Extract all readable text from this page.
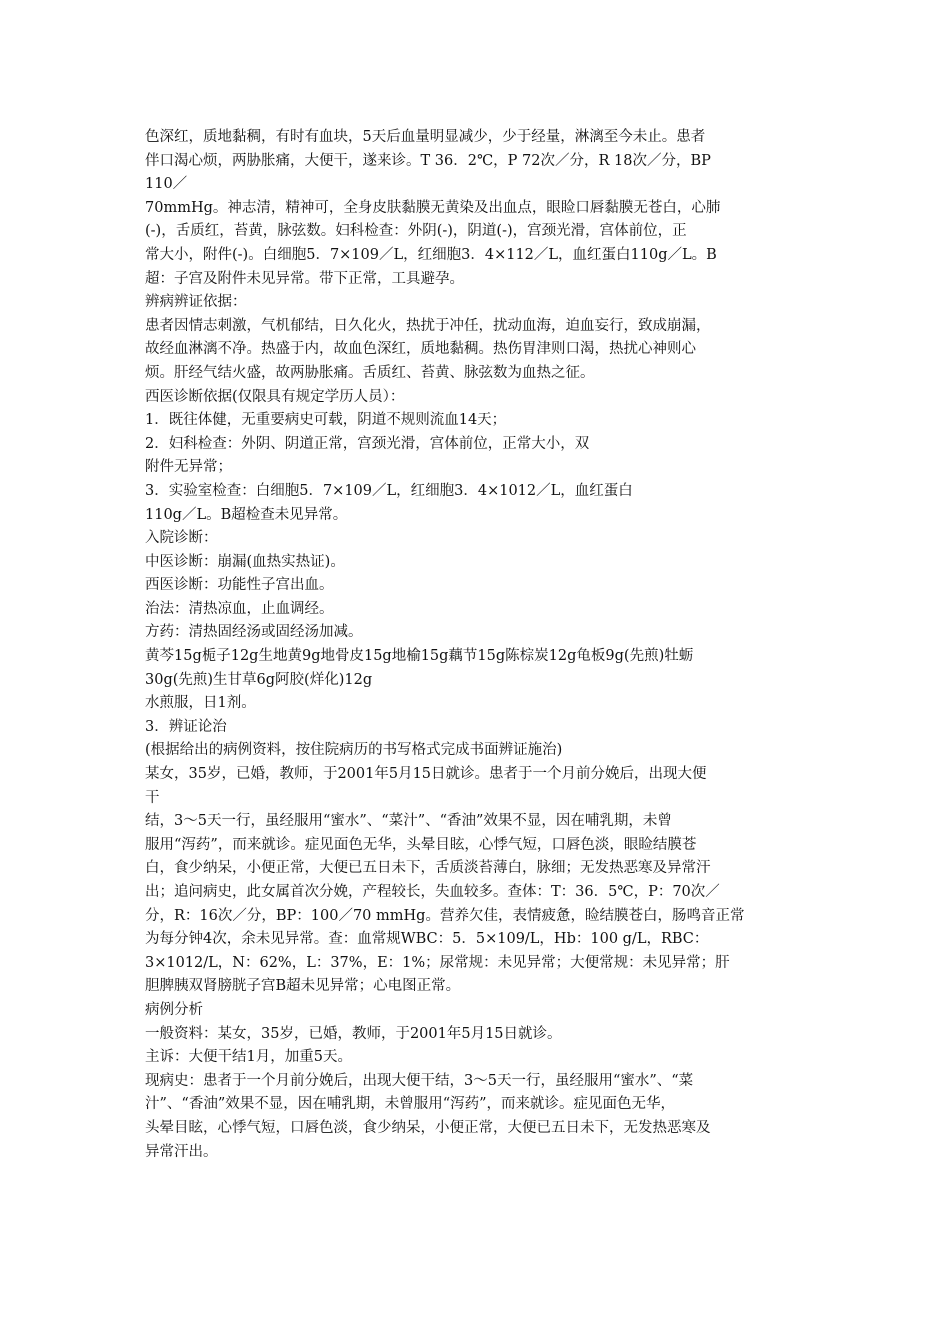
色深红，质地黏稠，有时有血块，5天后血量明显减少，少于经量，淋漓至今未止。患者

伴口渴心烦，两胁胀痛，大便干，遂来诊。T 36．2℃，P 72次／分，R 18次／分，BP

110／

70mmHg。神志清，精神可，全身皮肤黏膜无黄染及出血点，眼睑口唇黏膜无苍白，心肺

(-)，舌质红，苔黄，脉弦数。妇科检查：外阴(-)，阴道(-)，宫颈光滑，宫体前位，正

常大小，附件(-)。白细胞5．7×109／L，红细胞3．4×112／L，血红蛋白110g／L。B

超：子宫及附件未见异常。带下正常，工具避孕。

辨病辨证依据：

患者因情志刺激，气机郁结，日久化火，热扰于冲任，扰动血海，迫血妄行，致成崩漏，

故经血淋漓不净。热盛于内，故血色深红，质地黏稠。热伤胃津则口渴，热扰心神则心

烦。肝经气结火盛，故两胁胀痛。舌质红、苔黄、脉弦数为血热之征。

西医诊断依据(仅限具有规定学历人员）：

1．既往体健，无重要病史可载，阴道不规则流血14天；

2．妇科检查：外阴、阴道正常，宫颈光滑，宫体前位，正常大小，双

附件无异常；

3．实验室检查：白细胞5．7×109／L，红细胞3．4×1012／L，血红蛋白

110g／L。B超检查未见异常。

入院诊断：

中医诊断：崩漏(血热实热证)。

西医诊断：功能性子宫出血。

治法：清热凉血，止血调经。

方药：清热固经汤或固经汤加减。

黄芩15g栀子12g生地黄9g地骨皮15g地榆15g藕节15g陈棕炭12g龟板9g(先煎)牡蛎

30g(先煎)生甘草6g阿胶(烊化)12g

水煎服，日1剂。

3．辨证论治

(根据给出的病例资料，按住院病历的书写格式完成书面辨证施治)

某女，35岁，已婚，教师，于2001年5月15日就诊。患者于一个月前分娩后，出现大便

干

结，3～5天一行，虽经服用“蜜水”、“菜汁”、“香油”效果不显，因在哺乳期，未曾

服用“泻药”，而来就诊。症见面色无华，头晕目眩，心悸气短，口唇色淡，眼睑结膜苍

白，食少纳呆，小便正常，大便已五日未下，舌质淡苔薄白，脉细；无发热恶寒及异常汗

出；追问病史，此女属首次分娩，产程较长，失血较多。查体：T：36．5℃，P：70次／

分，R：16次／分，BP：100／70 mmHg。营养欠佳，表情疲惫，睑结膜苍白，肠鸣音正常

为每分钟4次，余未见异常。查：血常规WBC：5．5×109/L，Hb：100 g/L，RBC：

3×1012/L，N：62%，L：37%，E：1%；尿常规：未见异常；大便常规：未见异常；肝

胆脾胰双肾膀胱子宫B超未见异常；心电图正常。

病例分析

一般资料：某女，35岁，已婚，教师，于2001年5月15日就诊。

主诉：大便干结1月，加重5天。

现病史：患者于一个月前分娩后，出现大便干结，3～5天一行，虽经服用“蜜水”、“菜

汁”、“香油”效果不显，因在哺乳期，未曾服用“泻药”，而来就诊。症见面色无华，

头晕目眩，心悸气短，口唇色淡，食少纳呆，小便正常，大便已五日未下，无发热恶寒及

异常汗出。
